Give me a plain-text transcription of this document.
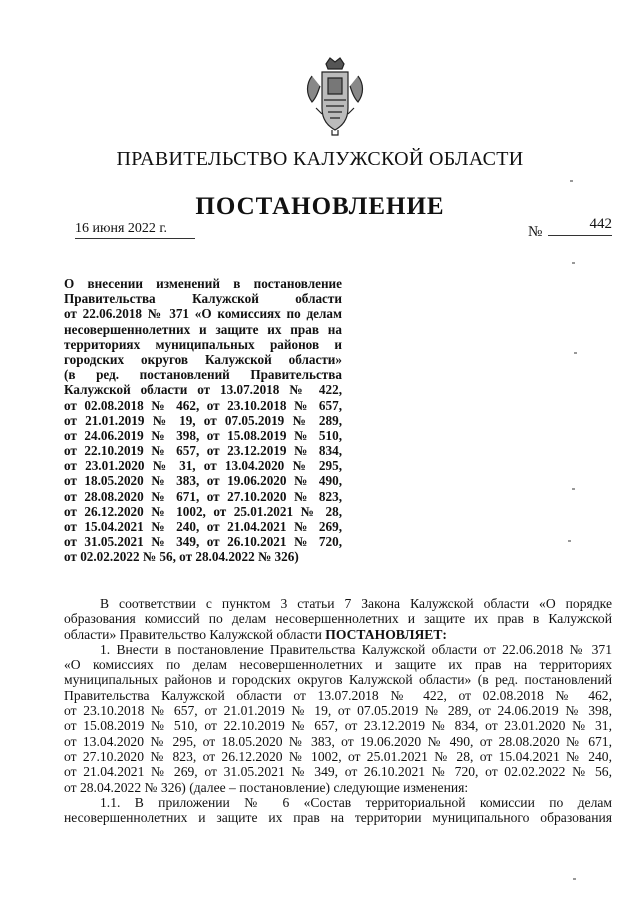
ПРАВИТЕЛЬСТВО КАЛУЖСКОЙ ОБЛАСТИ
ПОСТАНОВЛЕНИЕ
16 июня 2022 г.	№	442
О внесении изменений в постановление
Правительства Калужской области
от 22.06.2018 № 371 «О комиссиях по делам
несовершеннолетних и защите их прав на
территориях муниципальных районов и
городских округов Калужской области»
(в ред. постановлений Правительства
Калужской области от 13.07.2018 № 422,
от 02.08.2018 № 462, от 23.10.2018 № 657,
от 21.01.2019 № 19, от 07.05.2019 № 289,
от 24.06.2019 № 398, от 15.08.2019 № 510,
от 22.10.2019 № 657, от 23.12.2019 № 834,
от 23.01.2020 № 31, от 13.04.2020 № 295,
от 18.05.2020 № 383, от 19.06.2020 № 490,
от 28.08.2020 № 671, от 27.10.2020 № 823,
от 26.12.2020 № 1002, от 25.01.2021 № 28,
от 15.04.2021 № 240, от 21.04.2021 № 269,
от 31.05.2021 № 349, от 26.10.2021 № 720,
от 02.02.2022 № 56, от 28.04.2022 № 326)
В соответствии с пунктом 3 статьи 7 Закона Калужской области «О порядке
образования комиссий по делам несовершеннолетних и защите их прав в Калужской
области» Правительство Калужской области ПОСТАНОВЛЯЕТ:
1. Внести в постановление Правительства Калужской области от 22.06.2018 № 371
«О комиссиях по делам несовершеннолетних и защите их прав на территориях
муниципальных районов и городских округов Калужской области» (в ред. постановлений
Правительства Калужской области от 13.07.2018 № 422, от 02.08.2018 № 462,
от 23.10.2018 № 657, от 21.01.2019 № 19, от 07.05.2019 № 289, от 24.06.2019 № 398,
от 15.08.2019 № 510, от 22.10.2019 № 657, от 23.12.2019 № 834, от 23.01.2020 № 31,
от 13.04.2020 № 295, от 18.05.2020 № 383, от 19.06.2020 № 490, от 28.08.2020 № 671,
от 27.10.2020 № 823, от 26.12.2020 № 1002, от 25.01.2021 № 28, от 15.04.2021 № 240,
от 21.04.2021 № 269, от 31.05.2021 № 349, от 26.10.2021 № 720, от 02.02.2022 № 56,
от 28.04.2022 № 326) (далее – постановление) следующие изменения:
1.1. В приложении № 6 «Состав территориальной комиссии по делам
несовершеннолетних и защите их прав на территории муниципального образования
